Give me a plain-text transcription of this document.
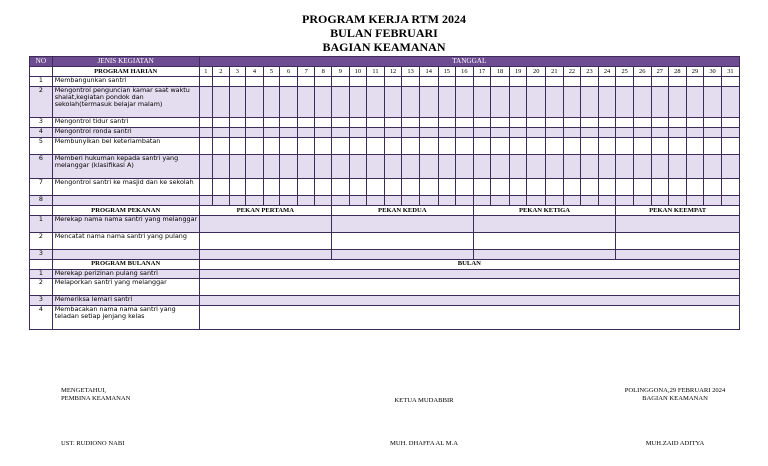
PROGRAM KERJA RTM 2024
BULAN FEBRUARI
BAGIAN KEAMANAN
NO	JENIS KEGIATAN	TANGGAL																														
	PROGRAM HARIAN	1	2	3	4	5	6	7	8	9	10	11	12	13	14	15	16	17	18	19	20	21	22	23	24	25	26	27	28	29	30	31
1	Membangunkan santri																															
2	Mengontrol penguncian kamar saat waktu shalat,kegiatan pondok dan sekolah(termasuk belajar malam)																															
3	Mengontrol tidur santri																															
4	Mengontrol ronda santri																															
5	Membunyikan bel keterlambatan																															
6	Memberi hukuman kepada santri yang melanggar (klasifikasi A)																															
7	Mengontrol santri ke masjid dan ke sekolah																															
8																																
	PROGRAM PEKANAN	PEKAN PERTAMA								PEKAN KEDUA								PEKAN KETIGA								PEKAN KEEMPAT						
1	Merekap nama nama santri yang melanggar																															
2	Mencatat nama nama santri yang pulang																															
3																																
	PROGRAM BULANAN	BULAN																														
1	Merekap perizinan pulang santri																															
2	Melaporkan santri yang melanggar																															
3	Memeriksa lemari santri																															
4	Membacakan nama nama santri yang teladan setiap jenjang kelas																															
MENGETAHUI,
PEMBINA KEAMANAN
UST. RUDIONO NABI
KETUA MUDABBIR
MUH. DHAFFA AL M.A
POLINGGONA,29 FEBRUARI 2024
BAGIAN KEAMANAN
MUH.ZAID ADITYA
